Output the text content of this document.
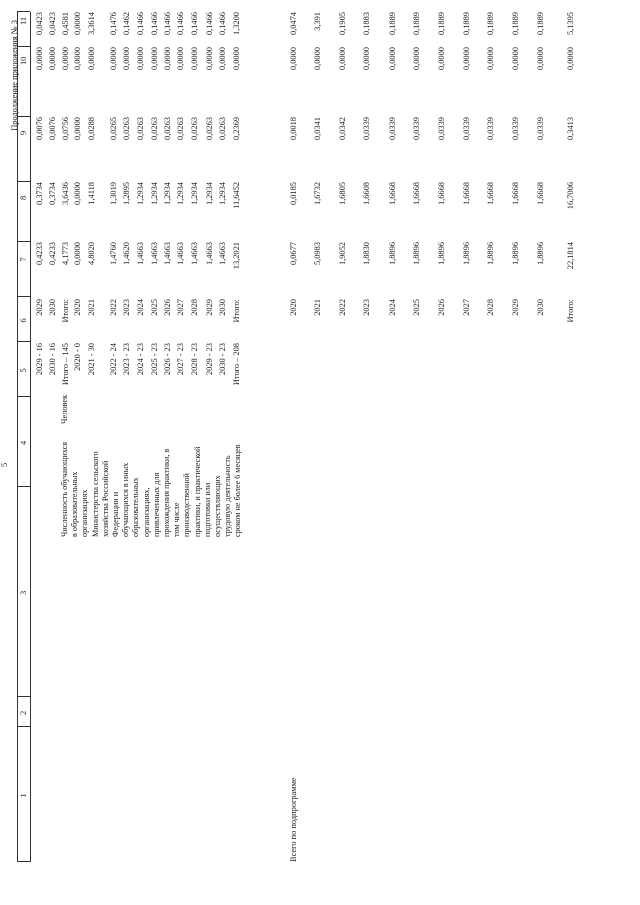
5
Продолжение приложения № 3
1
2
3
4
5
6
7
8
9
10
11
Численность обучающихся
в образовательных
организациях
Министерства сельского
хозяйства Российской
Федерации и
обучающихся в иных
образовательных
организациях,
привлеченных для
прохождения практики, в
том числе
производственной
практики, и практической
подготовки или
осуществляющих
трудовую деятельность
сроком не более 6 месяцев
Человек
2029 - 16
2029
0,4233
0,3734
0,0076
0,0000
0,0423
2030 - 16
2030
0,4233
0,3734
0,0076
0,0000
0,0423
Итого – 145
Итого:
4,1773
3,6436
0,0756
0,0000
0,4581
2020 - 0
2020
0,0000
0,0000
0,0000
0,0000
0,0000
2021 - 30
2021
4,8020
1,4118
0,0288
0,0000
3,3614
2022 - 24
2022
1,4760
1,3019
0,0265
0,0000
0,1476
2023 - 23
2023
1,4620
1,2895
0,0263
0,0000
0,1462
2024 - 23
2024
1,4663
1,2934
0,0263
0,0000
0,1466
2025 - 23
2025
1,4663
1,2934
0,0263
0,0000
0,1466
2026 - 23
2026
1,4663
1,2934
0,0263
0,0000
0,1466
2027 - 23
2027
1,4663
1,2934
0,0263
0,0000
0,1466
2028 - 23
2028
1,4663
1,2934
0,0263
0,0000
0,1466
2029 - 23
2029
1,4663
1,2934
0,0263
0,0000
0,1466
2030 - 23
2030
1,4663
1,2934
0,0263
0,0000
0,1466
Итого – 208
Итого:
13,2021
11,6452
0,2369
0,0000
1,3200
Всего по подпрограмме
2020
0,0677
0,0185
0,0018
0,0000
0,0474
2021
5,0983
1,6732
0,0341
0,0000
3,391
2022
1,9052
1,6805
0,0342
0,0000
0,1905
2023
1,8830
1,6608
0,0339
0,0000
0,1883
2024
1,8896
1,6668
0,0339
0,0000
0,1889
2025
1,8896
1,6668
0,0339
0,0000
0,1889
2026
1,8896
1,6668
0,0339
0,0000
0,1889
2027
1,8896
1,6668
0,0339
0,0000
0,1889
2028
1,8896
1,6668
0,0339
0,0000
0,1889
2029
1,8896
1,6668
0,0339
0,0000
0,1889
2030
1,8896
1,6668
0,0339
0,0000
0,1889
Итого:
22,1814
16,7006
0,3413
0,0000
5,1395
